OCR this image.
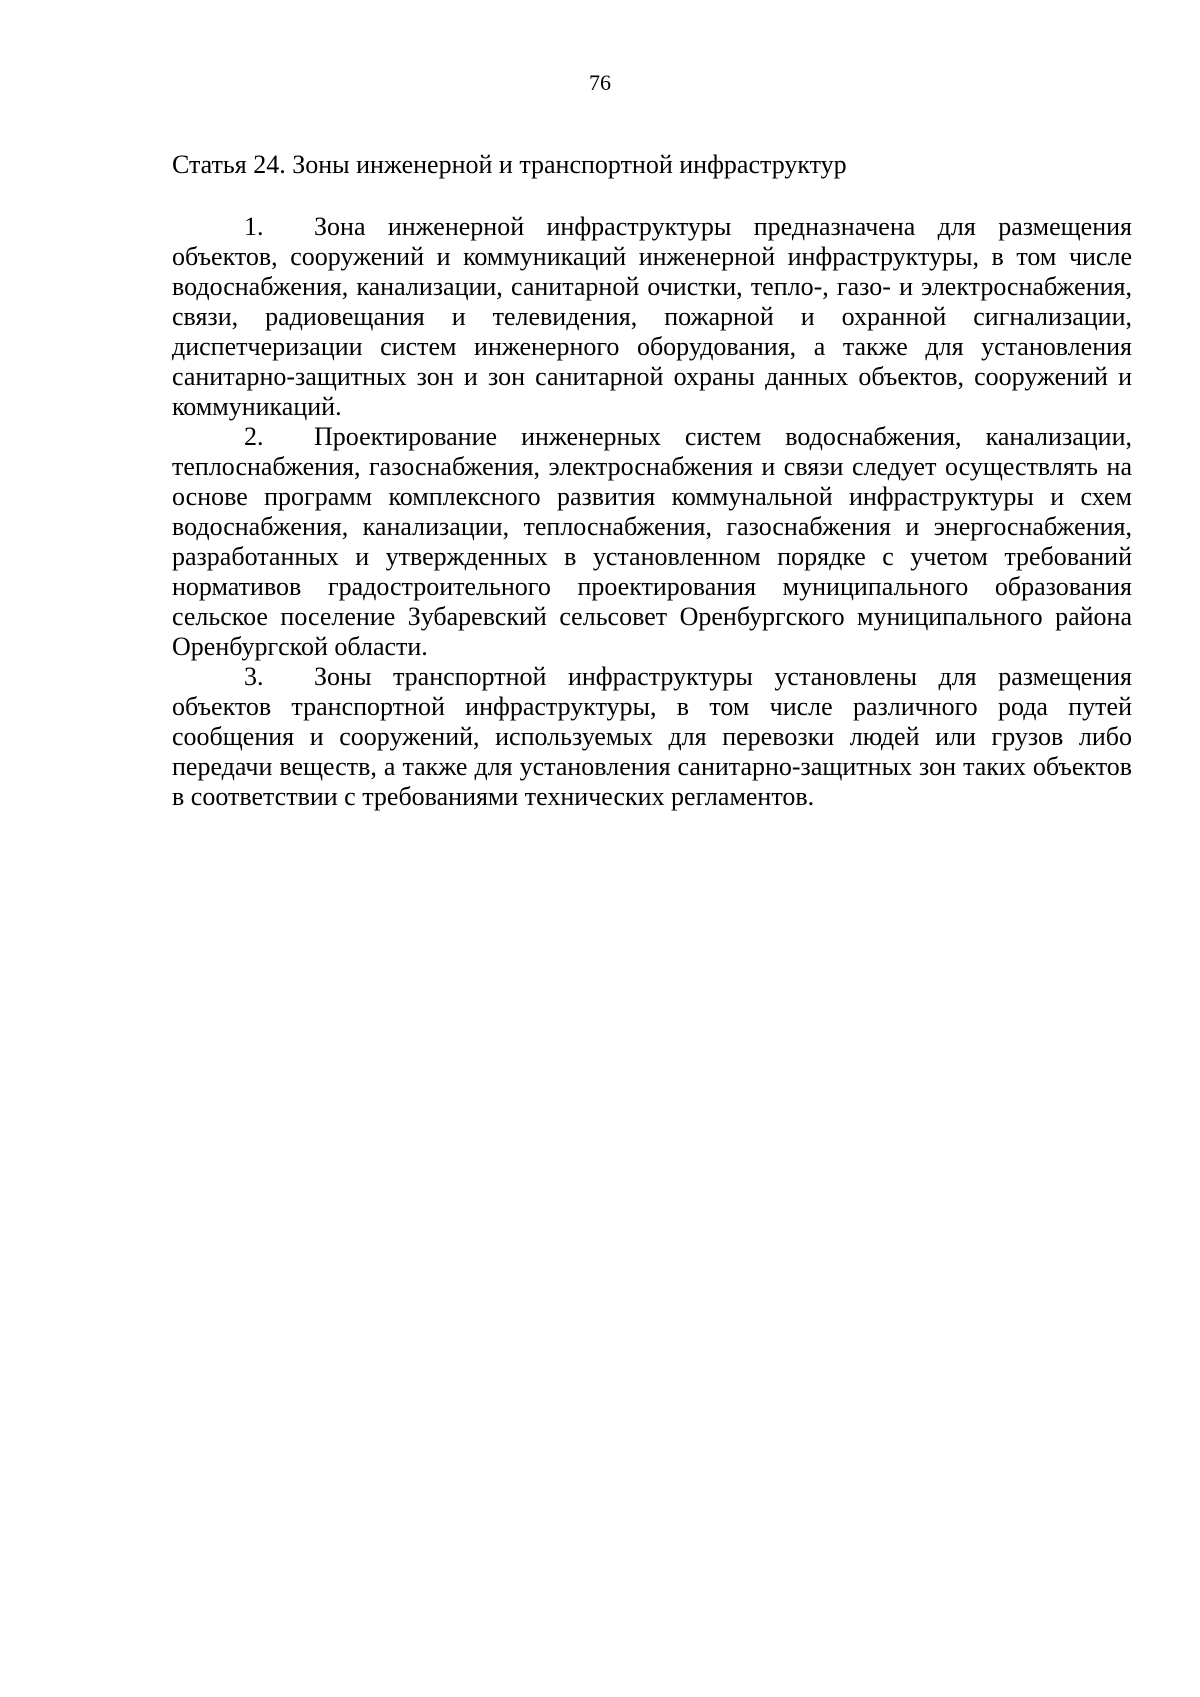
76
Статья 24. Зоны инженерной и транспортной инфраструктур

1. Зона инженерной инфраструктуры предназначена для размещения объектов, сооружений и коммуникаций инженерной инфраструктуры, в том числе водоснабжения, канализации, санитарной очистки, тепло-, газо- и электроснабжения, связи, радиовещания и телевидения, пожарной и охранной сигнализации, диспетчеризации систем инженерного оборудования, а также для установления санитарно-защитных зон и зон санитарной охраны данных объектов, сооружений и коммуникаций.

2. Проектирование инженерных систем водоснабжения, канализации, теплоснабжения, газоснабжения, электроснабжения и связи следует осуществлять на основе программ комплексного развития коммунальной инфраструктуры и схем водоснабжения, канализации, теплоснабжения, газоснабжения и энергоснабжения, разработанных и утвержденных в установленном порядке с учетом требований нормативов градостроительного проектирования муниципального образования сельское поселение Зубаревский сельсовет Оренбургского муниципального района Оренбургской области.

3. Зоны транспортной инфраструктуры установлены для размещения объектов транспортной инфраструктуры, в том числе различного рода путей сообщения и сооружений, используемых для перевозки людей или грузов либо передачи веществ, а также для установления санитарно-защитных зон таких объектов в соответствии с требованиями технических регламентов.
